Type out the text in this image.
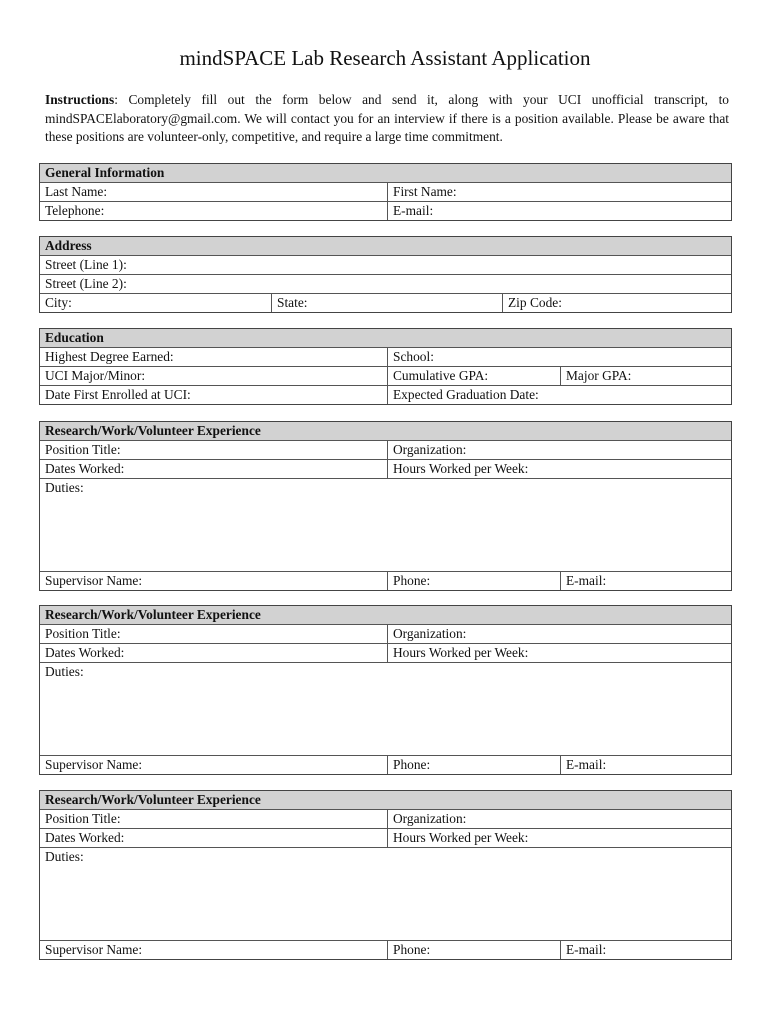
mindSPACE Lab Research Assistant Application
Instructions: Completely fill out the form below and send it, along with your UCI unofficial transcript, to mindSPACElaboratory@gmail.com. We will contact you for an interview if there is a position available. Please be aware that these positions are volunteer-only, competitive, and require a large time commitment.
General Information
Last Name:	First Name:
Telephone:	E-mail:
Address
Street (Line 1):
Street (Line 2):
City:	State:	Zip Code:
Education
Highest Degree Earned:	School:
UCI Major/Minor:	Cumulative GPA:	Major GPA:
Date First Enrolled at UCI:	Expected Graduation Date:
Research/Work/Volunteer Experience
Position Title:	Organization:
Dates Worked:	Hours Worked per Week:
Duties:
Supervisor Name:	Phone:	E-mail:
Research/Work/Volunteer Experience
Position Title:	Organization:
Dates Worked:	Hours Worked per Week:
Duties:
Supervisor Name:	Phone:	E-mail:
Research/Work/Volunteer Experience
Position Title:	Organization:
Dates Worked:	Hours Worked per Week:
Duties:
Supervisor Name:	Phone:	E-mail:
